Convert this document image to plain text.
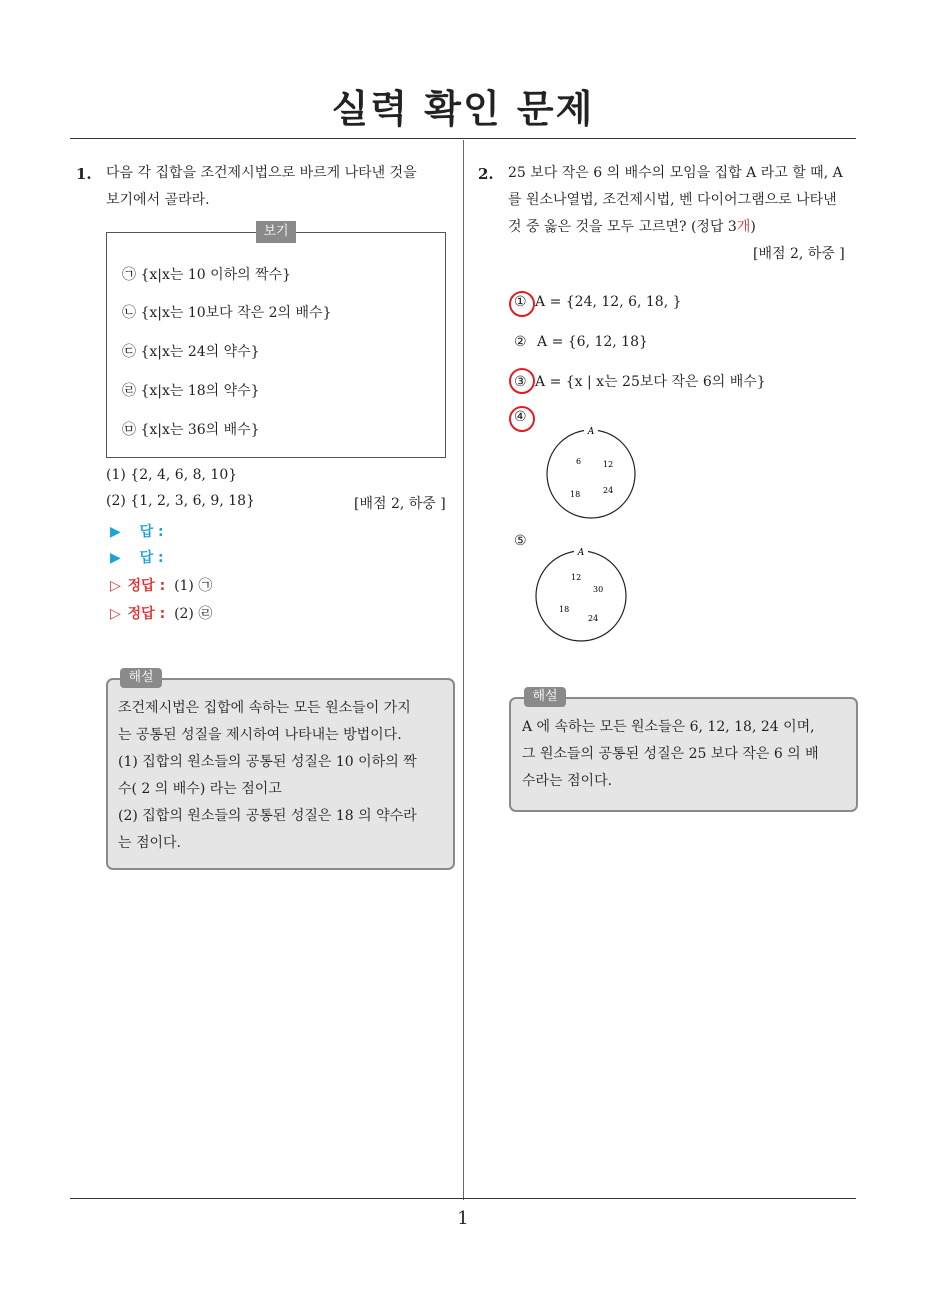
실력 확인 문제
1. 다음 각 집합을 조건제시법으로 바르게 나타낸 것을
보기에서 골라라.
보기
㉠ {x|x는 10 이하의 짝수}
㉡ {x|x는 10보다 작은 2의 배수}
㉢ {x|x는 24의 약수}
㉣ {x|x는 18의 약수}
㉤ {x|x는 36의 배수}
(1) {2, 4, 6, 8, 10}
(2) {1, 2, 3, 6, 9, 18}	[배점 2, 하중 ]
▶ 답 :
▶ 답 :
▷ 정답 : (1) ㉠
▷ 정답 : (2) ㉣
해설
조건제시법은 집합에 속하는 모든 원소들이 가지
는 공통된 성질을 제시하여 나타내는 방법이다.
(1) 집합의 원소들의 공통된 성질은 10 이하의 짝
수( 2 의 배수) 라는 점이고
(2) 집합의 원소들의 공통된 성질은 18 의 약수라
는 점이다.
2. 25 보다 작은 6 의 배수의 모임을 집합 A 라고 할 때, A
를 원소나열법, 조건제시법, 벤 다이어그램으로 나타낸
것 중 옳은 것을 모두 고르면? (정답 3개)
[배점 2, 하중 ]
① A = {24, 12, 6, 18, }
② A = {6, 12, 18}
③ A = {x | x는 25보다 작은 6의 배수}
④
A
6	12
18	24
⑤
A
12
30
18
24
해설
A 에 속하는 모든 원소들은 6, 12, 18, 24 이며,
그 원소들의 공통된 성질은 25 보다 작은 6 의 배
수라는 점이다.
1
